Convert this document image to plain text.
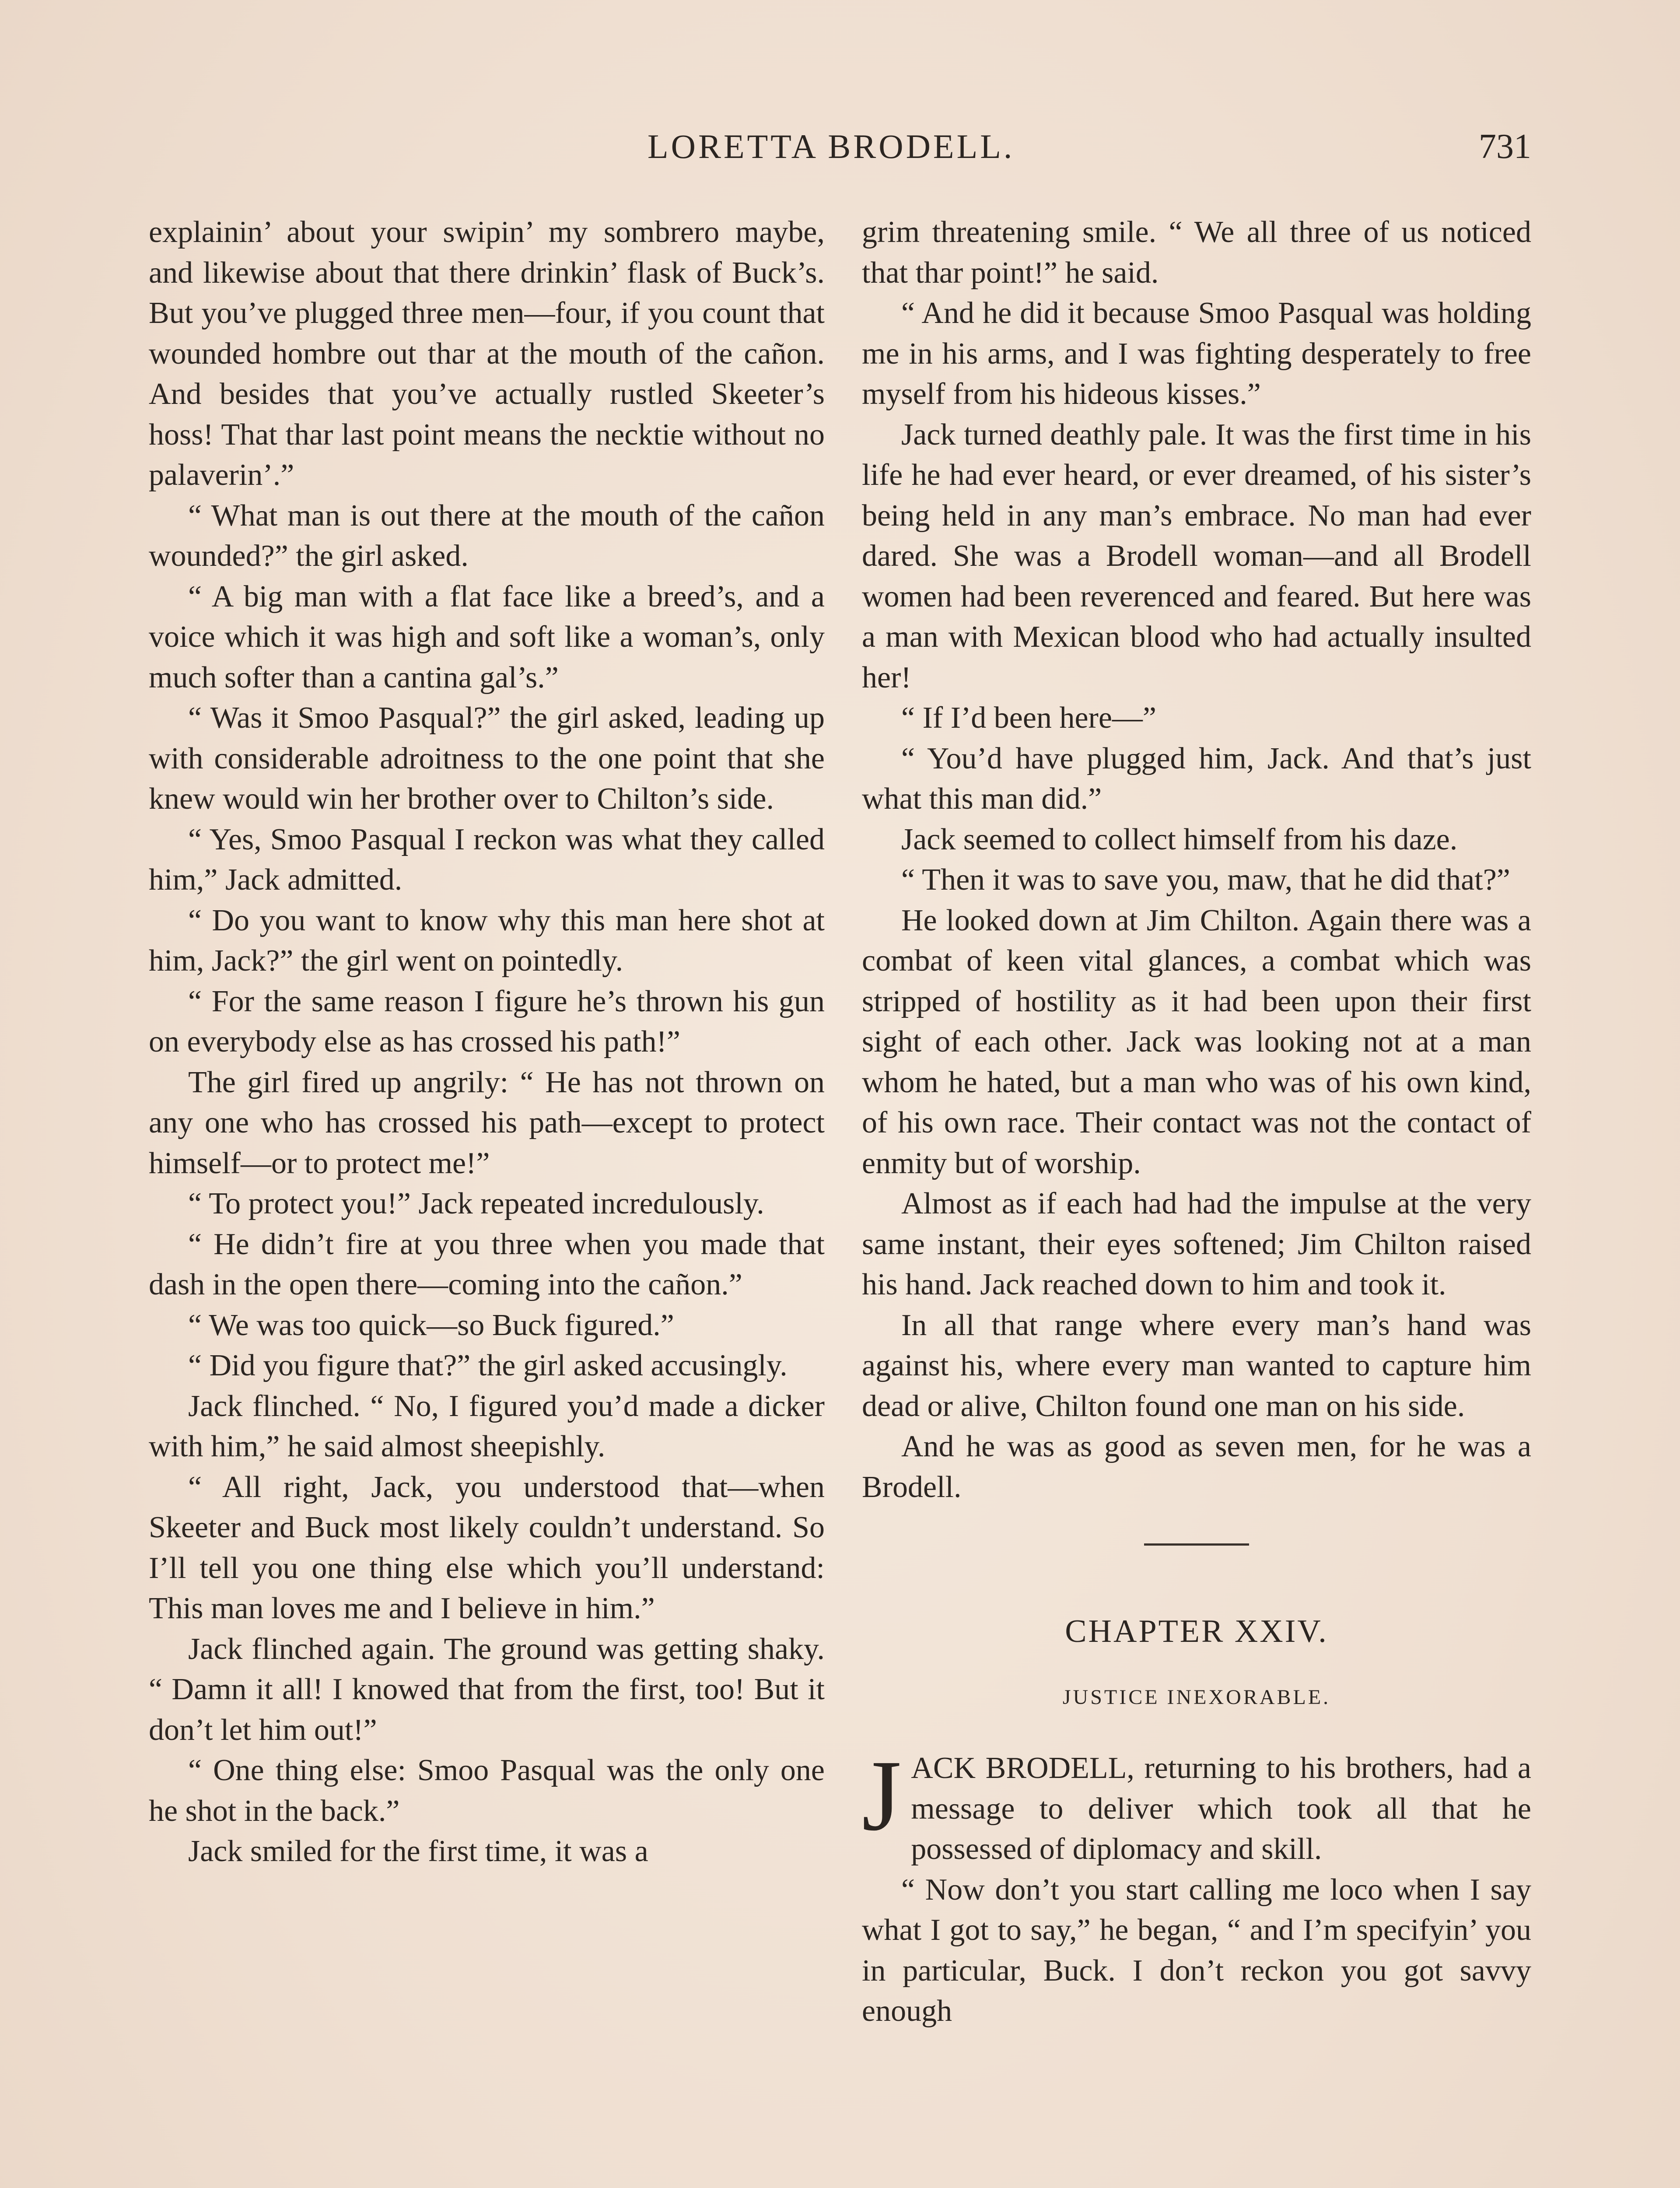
LORETTA BRODELL.	731

explainin’ about your swipin’ my sombrero maybe, and likewise about that there drinkin’ flask of Buck’s. But you’ve plugged three men—four, if you count that wounded hombre out thar at the mouth of the cañon. And besides that you’ve actually rustled Skeeter’s hoss! That thar last point means the necktie without no palaverin’.”

“ What man is out there at the mouth of the cañon wounded?” the girl asked.

“ A big man with a flat face like a breed’s, and a voice which it was high and soft like a woman’s, only much softer than a cantina gal’s.”

“ Was it Smoo Pasqual?” the girl asked, leading up with considerable adroitness to the one point that she knew would win her brother over to Chilton’s side.

“ Yes, Smoo Pasqual I reckon was what they called him,” Jack admitted.

“ Do you want to know why this man here shot at him, Jack?” the girl went on pointedly.

“ For the same reason I figure he’s thrown his gun on everybody else as has crossed his path!”

The girl fired up angrily: “ He has not thrown on any one who has crossed his path—except to protect himself—or to protect me!”

“ To protect you!” Jack repeated incredulously.

“ He didn’t fire at you three when you made that dash in the open there—coming into the cañon.”

“ We was too quick—so Buck figured.”

“ Did you figure that?” the girl asked accusingly.

Jack flinched. “ No, I figured you’d made a dicker with him,” he said almost sheepishly.

“ All right, Jack, you understood that—when Skeeter and Buck most likely couldn’t understand. So I’ll tell you one thing else which you’ll understand: This man loves me and I believe in him.”

Jack flinched again. The ground was getting shaky. “ Damn it all! I knowed that from the first, too! But it don’t let him out!”

“ One thing else: Smoo Pasqual was the only one he shot in the back.”

Jack smiled for the first time, it was a

grim threatening smile. “ We all three of us noticed that thar point!” he said.

“ And he did it because Smoo Pasqual was holding me in his arms, and I was fighting desperately to free myself from his hideous kisses.”

Jack turned deathly pale. It was the first time in his life he had ever heard, or ever dreamed, of his sister’s being held in any man’s embrace. No man had ever dared. She was a Brodell woman—and all Brodell women had been reverenced and feared. But here was a man with Mexican blood who had actually insulted her!

“ If I’d been here—”

“ You’d have plugged him, Jack. And that’s just what this man did.”

Jack seemed to collect himself from his daze.

“ Then it was to save you, maw, that he did that?”

He looked down at Jim Chilton. Again there was a combat of keen vital glances, a combat which was stripped of hostility as it had been upon their first sight of each other. Jack was looking not at a man whom he hated, but a man who was of his own kind, of his own race. Their contact was not the contact of enmity but of worship.

Almost as if each had had the impulse at the very same instant, their eyes softened; Jim Chilton raised his hand. Jack reached down to him and took it.

In all that range where every man’s hand was against his, where every man wanted to capture him dead or alive, Chilton found one man on his side.

And he was as good as seven men, for he was a Brodell.

CHAPTER XXIV.
JUSTICE INEXORABLE.

JACK BRODELL, returning to his brothers, had a message to deliver which took all that he possessed of diplomacy and skill.

“ Now don’t you start calling me loco when I say what I got to say,” he began, “ and I’m specifyin’ you in particular, Buck. I don’t reckon you got savvy enough
